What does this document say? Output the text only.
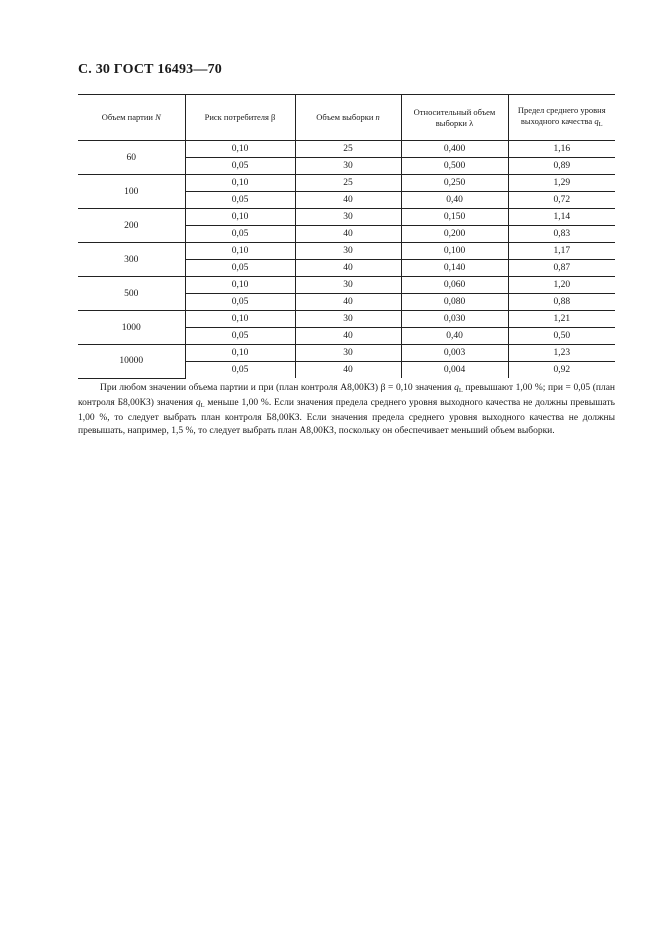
С. 30 ГОСТ 16493—70
Объем партии N	Риск потребителя β	Объем выборки n	Относительный объем выборки λ	Предел среднего уровня выходного качества $q_L$
60	0,10	25	0,400	1,16
	0,05	30	0,500	0,89
100	0,10	25	0,250	1,29
	0,05	40	0,40	0,72
200	0,10	30	0,150	1,14
	0,05	40	0,200	0,83
300	0,10	30	0,100	1,17
	0,05	40	0,140	0,87
500	0,10	30	0,060	1,20
	0,05	40	0,080	0,88
1000	0,10	30	0,030	1,21
	0,05	40	0,40	0,50
10000	0,10	30	0,003	1,23
	0,05	40	0,004	0,92

При любом значении объема партии и при (план контроля А8,00КЗ) β = 0,10 значения $q_L$ превышают 1,00 %; при = 0,05 (план контроля Б8,00КЗ) значения $q_L$ меньше 1,00 %. Если значения предела среднего уровня выходного качества не должны превышать 1,00 %, то следует выбрать план контроля Б8,00КЗ. Если значения предела среднего уровня выходного качества не должны превышать, например, 1,5 %, то следует выбрать план А8,00КЗ, поскольку он обеспечивает меньший объем выборки.
